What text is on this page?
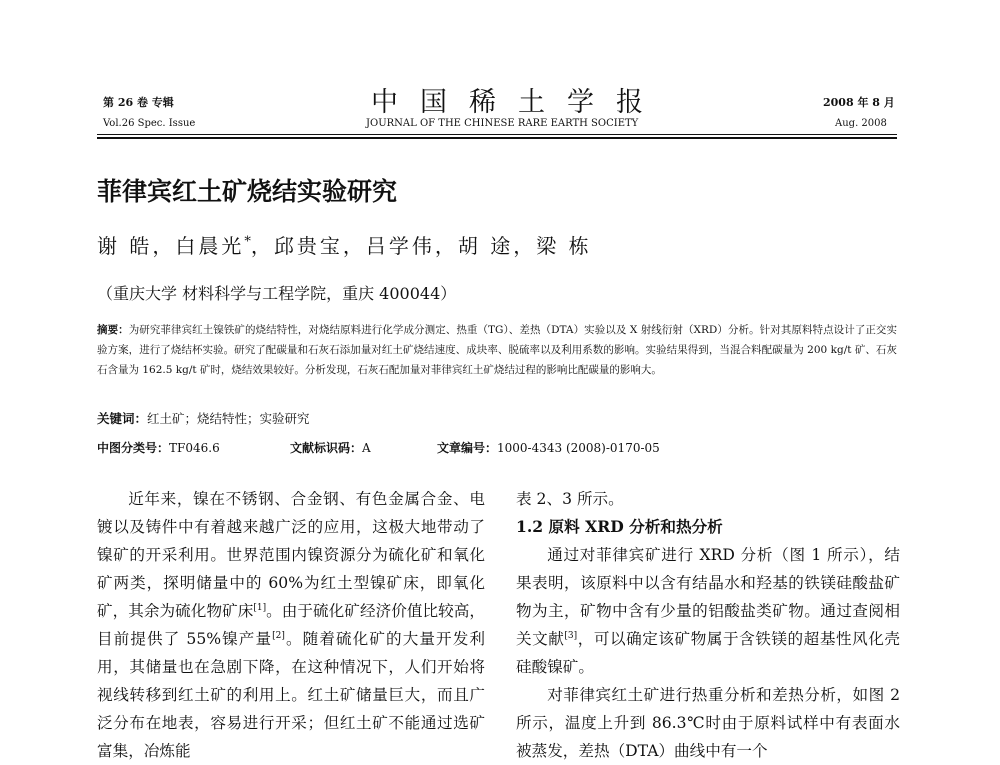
第 26 卷 专辑	中国稀土学报	2008 年 8 月
Vol.26 Spec. Issue	JOURNAL OF THE CHINESE RARE EARTH SOCIETY	Aug. 2008
菲律宾红土矿烧结实验研究
谢 皓，白晨光*，邱贵宝，吕学伟，胡 途，梁 栋
（重庆大学 材料科学与工程学院，重庆 400044）
摘要：为研究菲律宾红土镍铁矿的烧结特性，对烧结原料进行化学成分测定、热重（TG）、差热（DTA）实验以及 X 射线衍射（XRD）分析。针对其原料特点设计了正交实验方案，进行了烧结杯实验。研究了配碳量和石灰石添加量对红土矿烧结速度、成块率、脱硫率以及利用系数的影响。实验结果得到，当混合料配碳量为 200 kg/t 矿、石灰石含量为 162.5 kg/t 矿时，烧结效果较好。分析发现，石灰石配加量对菲律宾红土矿烧结过程的影响比配碳量的影响大。
关键词：红土矿；烧结特性；实验研究
中图分类号：TF046.6	文献标识码：A	文章编号：1000-4343 (2008)-0170-05

近年来，镍在不锈钢、合金钢、有色金属合金、电镀以及铸件中有着越来越广泛的应用，这极大地带动了镍矿的开采利用。世界范围内镍资源分为硫化矿和氧化矿两类，探明储量中的 60%为红土型镍矿床，即氧化矿，其余为硫化物矿床[1]。由于硫化矿经济价值比较高，目前提供了 55%镍产量[2]。随着硫化矿的大量开发利用，其储量也在急剧下降，在这种情况下，人们开始将视线转移到红土矿的利用上。红土矿储量巨大，而且广泛分布在地表，容易进行开采；但红土矿不能通过选矿富集，冶炼能

表 2、3 所示。

1.2 原料 XRD 分析和热分析

通过对菲律宾矿进行 XRD 分析（图 1 所示），结果表明，该原料中以含有结晶水和羟基的铁镁硅酸盐矿物为主，矿物中含有少量的铝酸盐类矿物。通过查阅相关文献[3]，可以确定该矿物属于含铁镁的超基性风化壳硅酸镍矿。

对菲律宾红土矿进行热重分析和差热分析，如图 2 所示，温度上升到 86.3℃时由于原料试样中有表面水被蒸发，差热（DTA）曲线中有一个
